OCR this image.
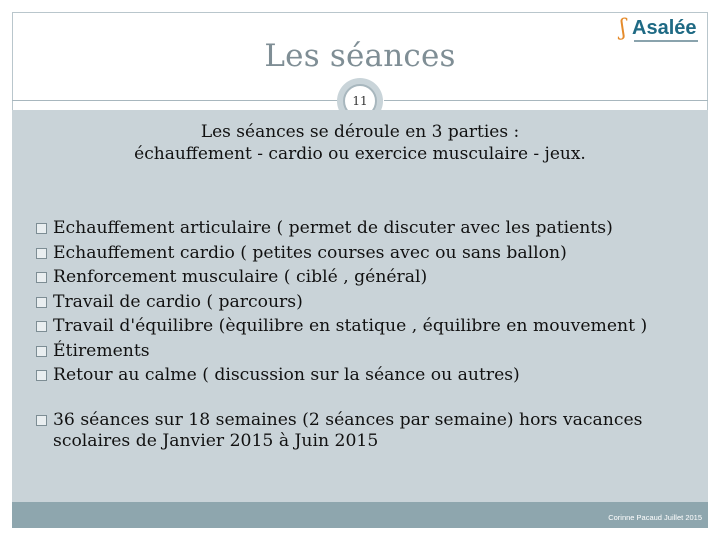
ʃ Asalée
Les séances
11
Les séances se déroule en 3 parties :
échauffement - cardio ou exercice musculaire - jeux.
Echauffement articulaire ( permet de discuter avec les patients)
Echauffement cardio ( petites courses avec ou sans ballon)
Renforcement musculaire ( ciblé , général)
Travail de cardio ( parcours)
Travail d'équilibre (èquilibre en statique , équilibre en mouvement )
Étirements
Retour au calme ( discussion sur la séance ou autres)
36 séances sur 18 semaines (2 séances par semaine) hors vacances
scolaires de Janvier 2015 à Juin 2015
Corinne Pacaud Juillet 2015
